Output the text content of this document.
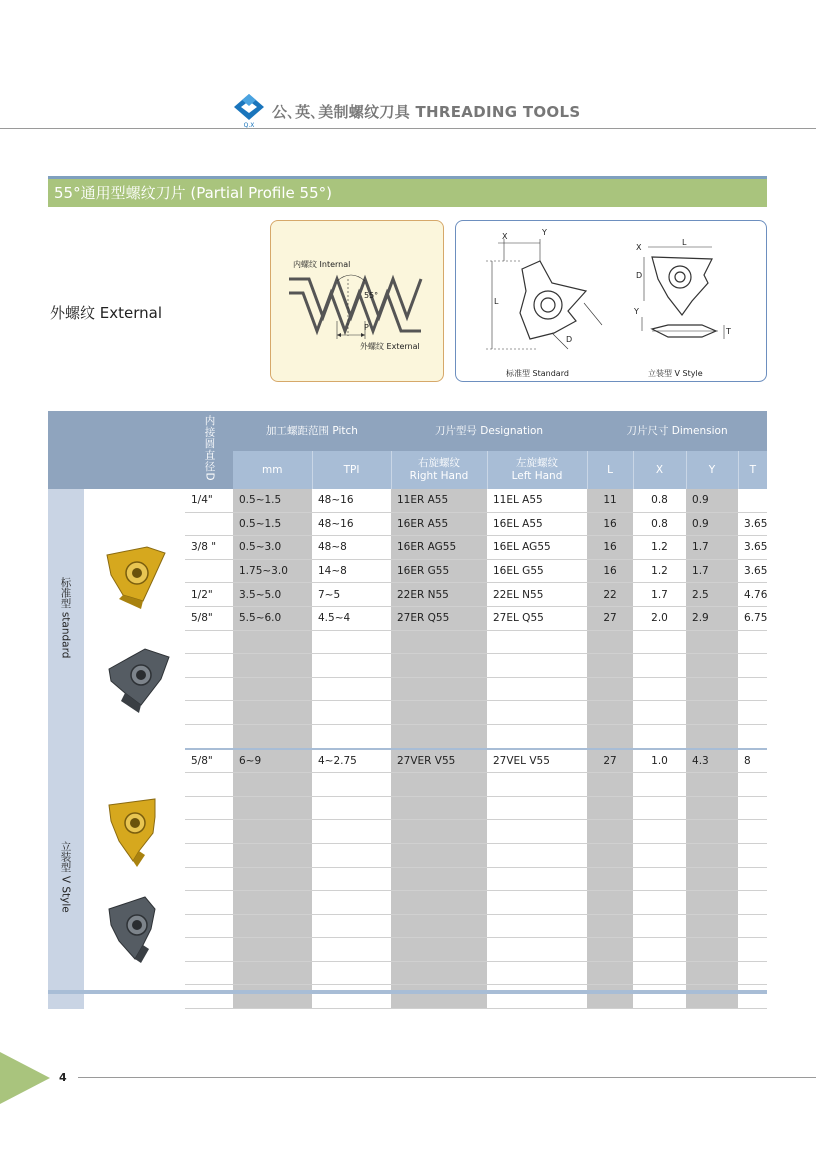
Q.X
公､英､美制螺纹刀具 THREADING TOOLS
55°通用型螺纹刀片 (Partial Profile 55°)
外螺纹 External
内螺纹 Internal
55°
P
外螺纹 External
X	Y
L
D
X
L
D
Y
T
标准型 Standard	立装型 V Style
		内接圆直径D	加工螺距范围 Pitch		刀片型号 Designation		刀片尺寸 Dimension			
			mm	TPI	右旋螺纹
Right Hand	左旋螺纹
Left Hand	L	X	Y	T
标准型 standard		1/4"	0.5~1.5	48~16	11ER A55	11EL A55	11	0.8	0.9	
			0.5~1.5	48~16	16ER A55	16EL A55	16	0.8	0.9	3.65
		3/8 "	0.5~3.0	48~8	16ER AG55	16EL AG55	16	1.2	1.7	3.65
			1.75~3.0	14~8	16ER G55	16EL G55	16	1.2	1.7	3.65
		1/2"	3.5~5.0	7~5	22ER N55	22EL N55	22	1.7	2.5	4.76
		5/8"	5.5~6.0	4.5~4	27ER Q55	27EL Q55	27	2.0	2.9	6.75

立装型 V Style		5/8"	6~9	4~2.75	27VER V55	27VEL V55	27	1.0	4.3	8

4
